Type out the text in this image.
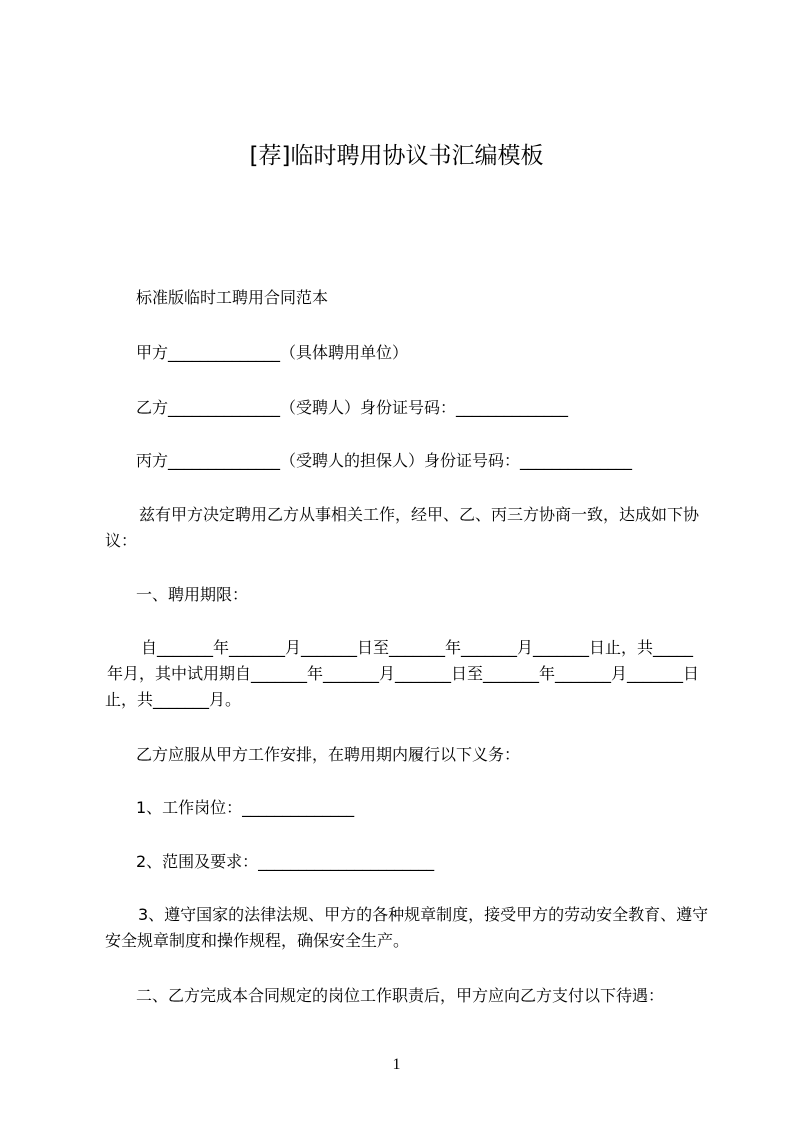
[荐]临时聘用协议书汇编模板
标准版临时工聘用合同范本
甲方______________（具体聘用单位）
乙方______________（受聘人）身份证号码：______________
丙方______________（受聘人的担保人）身份证号码：______________
兹有甲方决定聘用乙方从事相关工作，经甲、乙、丙三方协商一致，达成如下协
议：
一、聘用期限：
自_______年_______月_______日至_______年_______月_______日止，共_____
年月，其中试用期自_______年_______月_______日至_______年_______月_______日
止，共_______月。
乙方应服从甲方工作安排，在聘用期内履行以下义务：
1、工作岗位：______________
2、范围及要求：______________________
3、遵守国家的法律法规、甲方的各种规章制度，接受甲方的劳动安全教育、遵守
安全规章制度和操作规程，确保安全生产。
二、乙方完成本合同规定的岗位工作职责后，甲方应向乙方支付以下待遇：
1
